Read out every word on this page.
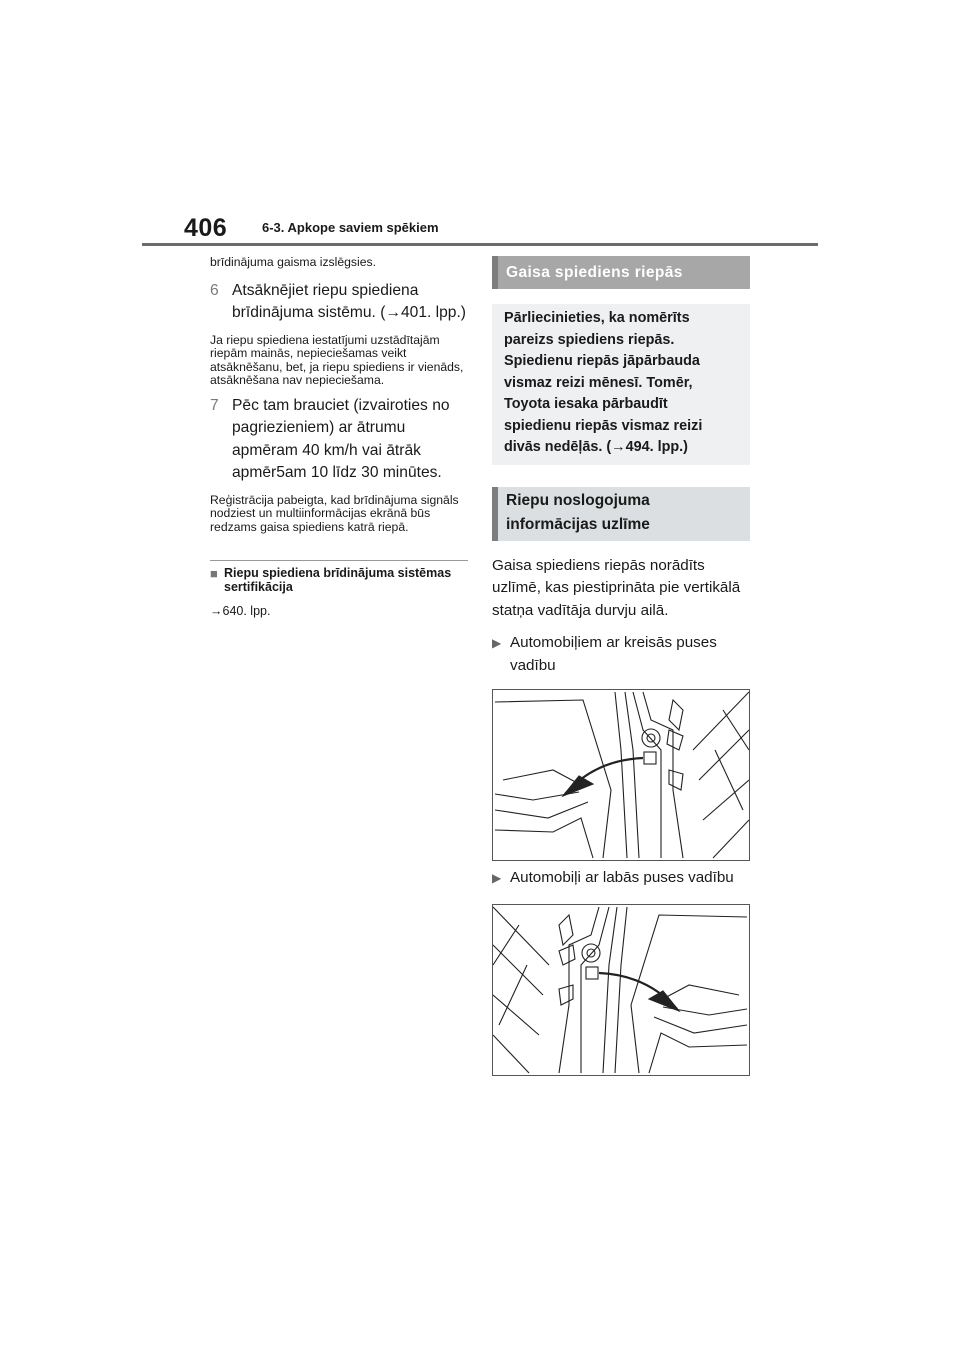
406	6-3. Apkope saviem spēkiem

brīdinājuma gaisma izslēgsies.

6 Atsāknējiet riepu spiediena brīdinājuma sistēmu. (→401. lpp.)

Ja riepu spiediena iestatījumi uzstādītajām riepām mainās, nepieciešamas veikt atsāknēšanu, bet, ja riepu spiediens ir vienāds, atsāknēšana nav nepieciešama.

7 Pēc tam brauciet (izvairoties no pagriezieniem) ar ātrumu apmēram 40 km/h vai ātrāk apmēr5am 10 līdz 30 minūtes.

Reģistrācija pabeigta, kad brīdinājuma signāls nodziest un multiinformācijas ekrānā būs redzams gaisa spiediens katrā riepā.

■ Riepu spiediena brīdinājuma sistēmas sertifikācija

→640. lpp.

Gaisa spiediens riepās

Pārliecinieties, ka nomērīts pareizs spiediens riepās. Spiedienu riepās jāpārbauda vismaz reizi mēnesī. Tomēr, Toyota iesaka pārbaudīt spiedienu riepās vismaz reizi divās nedēļās. (→494. lpp.)

Riepu noslogojuma informācijas uzlīme

Gaisa spiediens riepās norādīts uzlīmē, kas piestiprināta pie vertikālā statņa vadītāja durvju ailā.

▶ Automobiļiem ar kreisās puses vadību
▶ Automobiļi ar labās puses vadību
